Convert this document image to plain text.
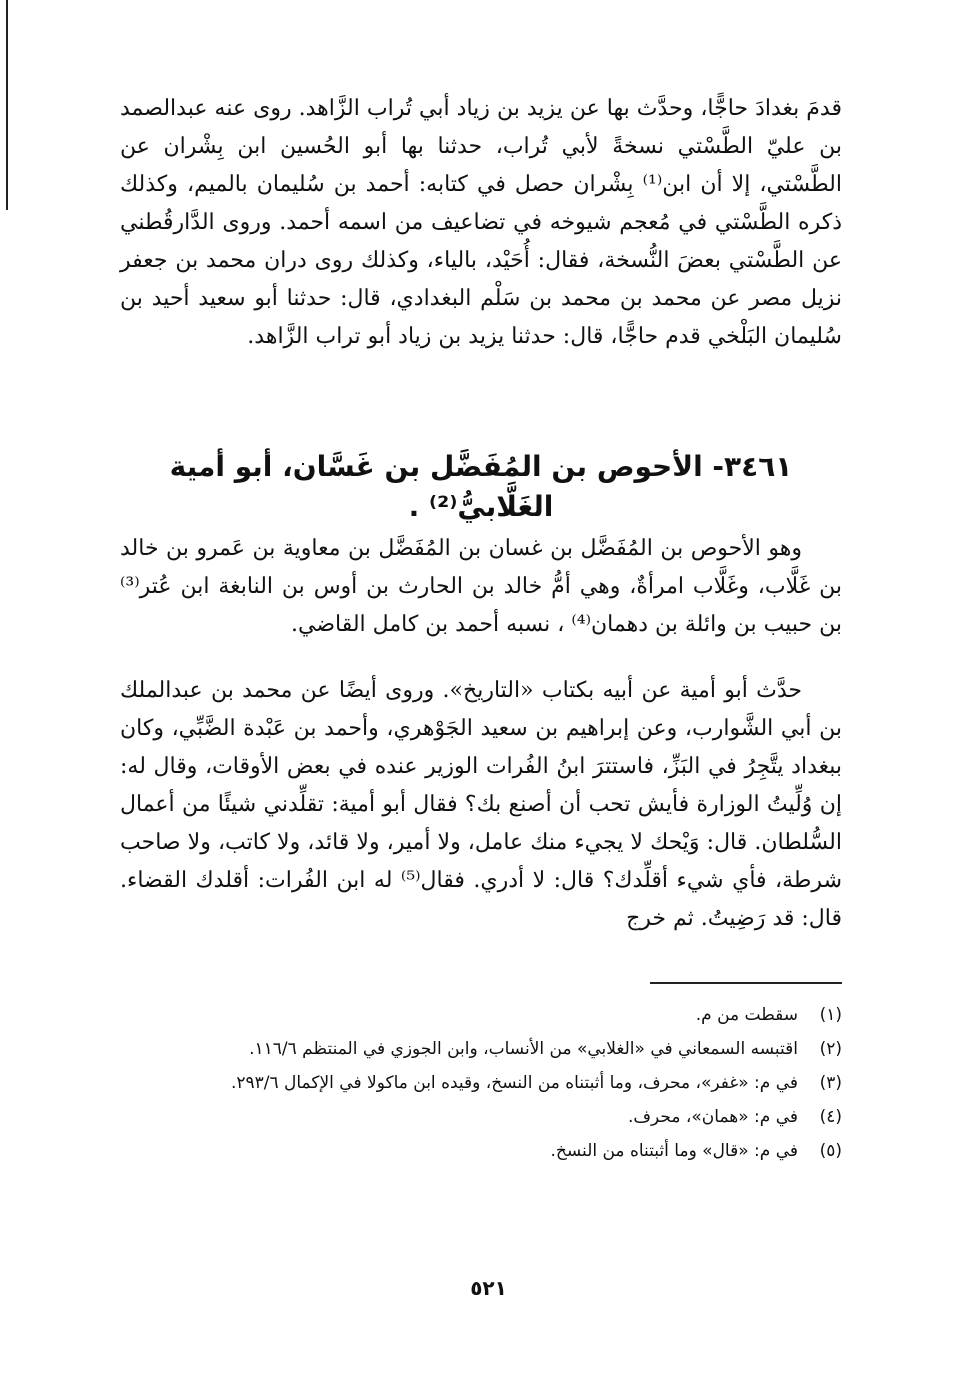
قدمَ بغدادَ حاجًّا، وحدَّث بها عن يزيد بن زياد أبي تُراب الزَّاهد. روى عنه عبدالصمد بن عليّ الطَّسْتي نسخةً لأبي تُراب، حدثنا بها أبو الحُسين ابن بِشْران عن الطَّسْتي، إلا أن ابن⁽¹⁾ بِشْران حصل في كتابه: أحمد بن سُليمان بالميم، وكذلك ذكره الطَّسْتي في مُعجم شيوخه في تضاعيف من اسمه أحمد. وروى الدَّارقُطني عن الطَّسْتي بعضَ النُّسخة، فقال: أُحَيْد، بالياء، وكذلك روى دران محمد بن جعفر نزيل مصر عن محمد بن محمد بن سَلْم البغدادي، قال: حدثنا أبو سعيد أحيد بن سُليمان البَلْخي قدم حاجًّا، قال: حدثنا يزيد بن زياد أبو تراب الزَّاهد.

٣٤٦١- الأحوص بن المُفَضَّل بن غَسَّان، أبو أمية الغَلَّابيُّ⁽²⁾ .

وهو الأحوص بن المُفَضَّل بن غسان بن المُفَضَّل بن معاوية بن عَمرو بن خالد بن غَلَّاب، وغَلَّاب امرأةٌ، وهي أمُّ خالد بن الحارث بن أوس بن النابغة ابن عُتر⁽³⁾ بن حبيب بن وائلة بن دهمان⁽⁴⁾ ، نسبه أحمد بن كامل القاضي.

حدَّث أبو أمية عن أبيه بكتاب «التاريخ». وروى أيضًا عن محمد بن عبدالملك بن أبي الشَّوارب، وعن إبراهيم بن سعيد الجَوْهري، وأحمد بن عَبْدة الضَّبِّي، وكان ببغداد يتَّجِرُ في البَزِّ، فاستترَ ابنُ الفُرات الوزير عنده في بعض الأوقات، وقال له: إن وُلِّيتُ الوزارة فأيش تحب أن أصنع بك؟ فقال أبو أمية: تقلِّدني شيئًا من أعمال السُّلطان. قال: وَيْحك لا يجيء منك عامل، ولا أمير، ولا قائد، ولا كاتب، ولا صاحب شرطة، فأي شيء أقلِّدك؟ قال: لا أدري. فقال⁽⁵⁾ له ابن الفُرات: أقلدك القضاء. قال: قد رَضِيتُ. ثم خرج

(١)
سقطت من م.
(٢)
اقتبسه السمعاني في «الغلابي» من الأنساب، وابن الجوزي في المنتظم ١١٦/٦.
(٣)
في م: «غفر»، محرف، وما أثبتناه من النسخ، وقيده ابن ماكولا في الإكمال ٢٩٣/٦.
(٤)
في م: «همان»، محرف.
(٥)
في م: «قال» وما أثبتناه من النسخ.
٥٢١
